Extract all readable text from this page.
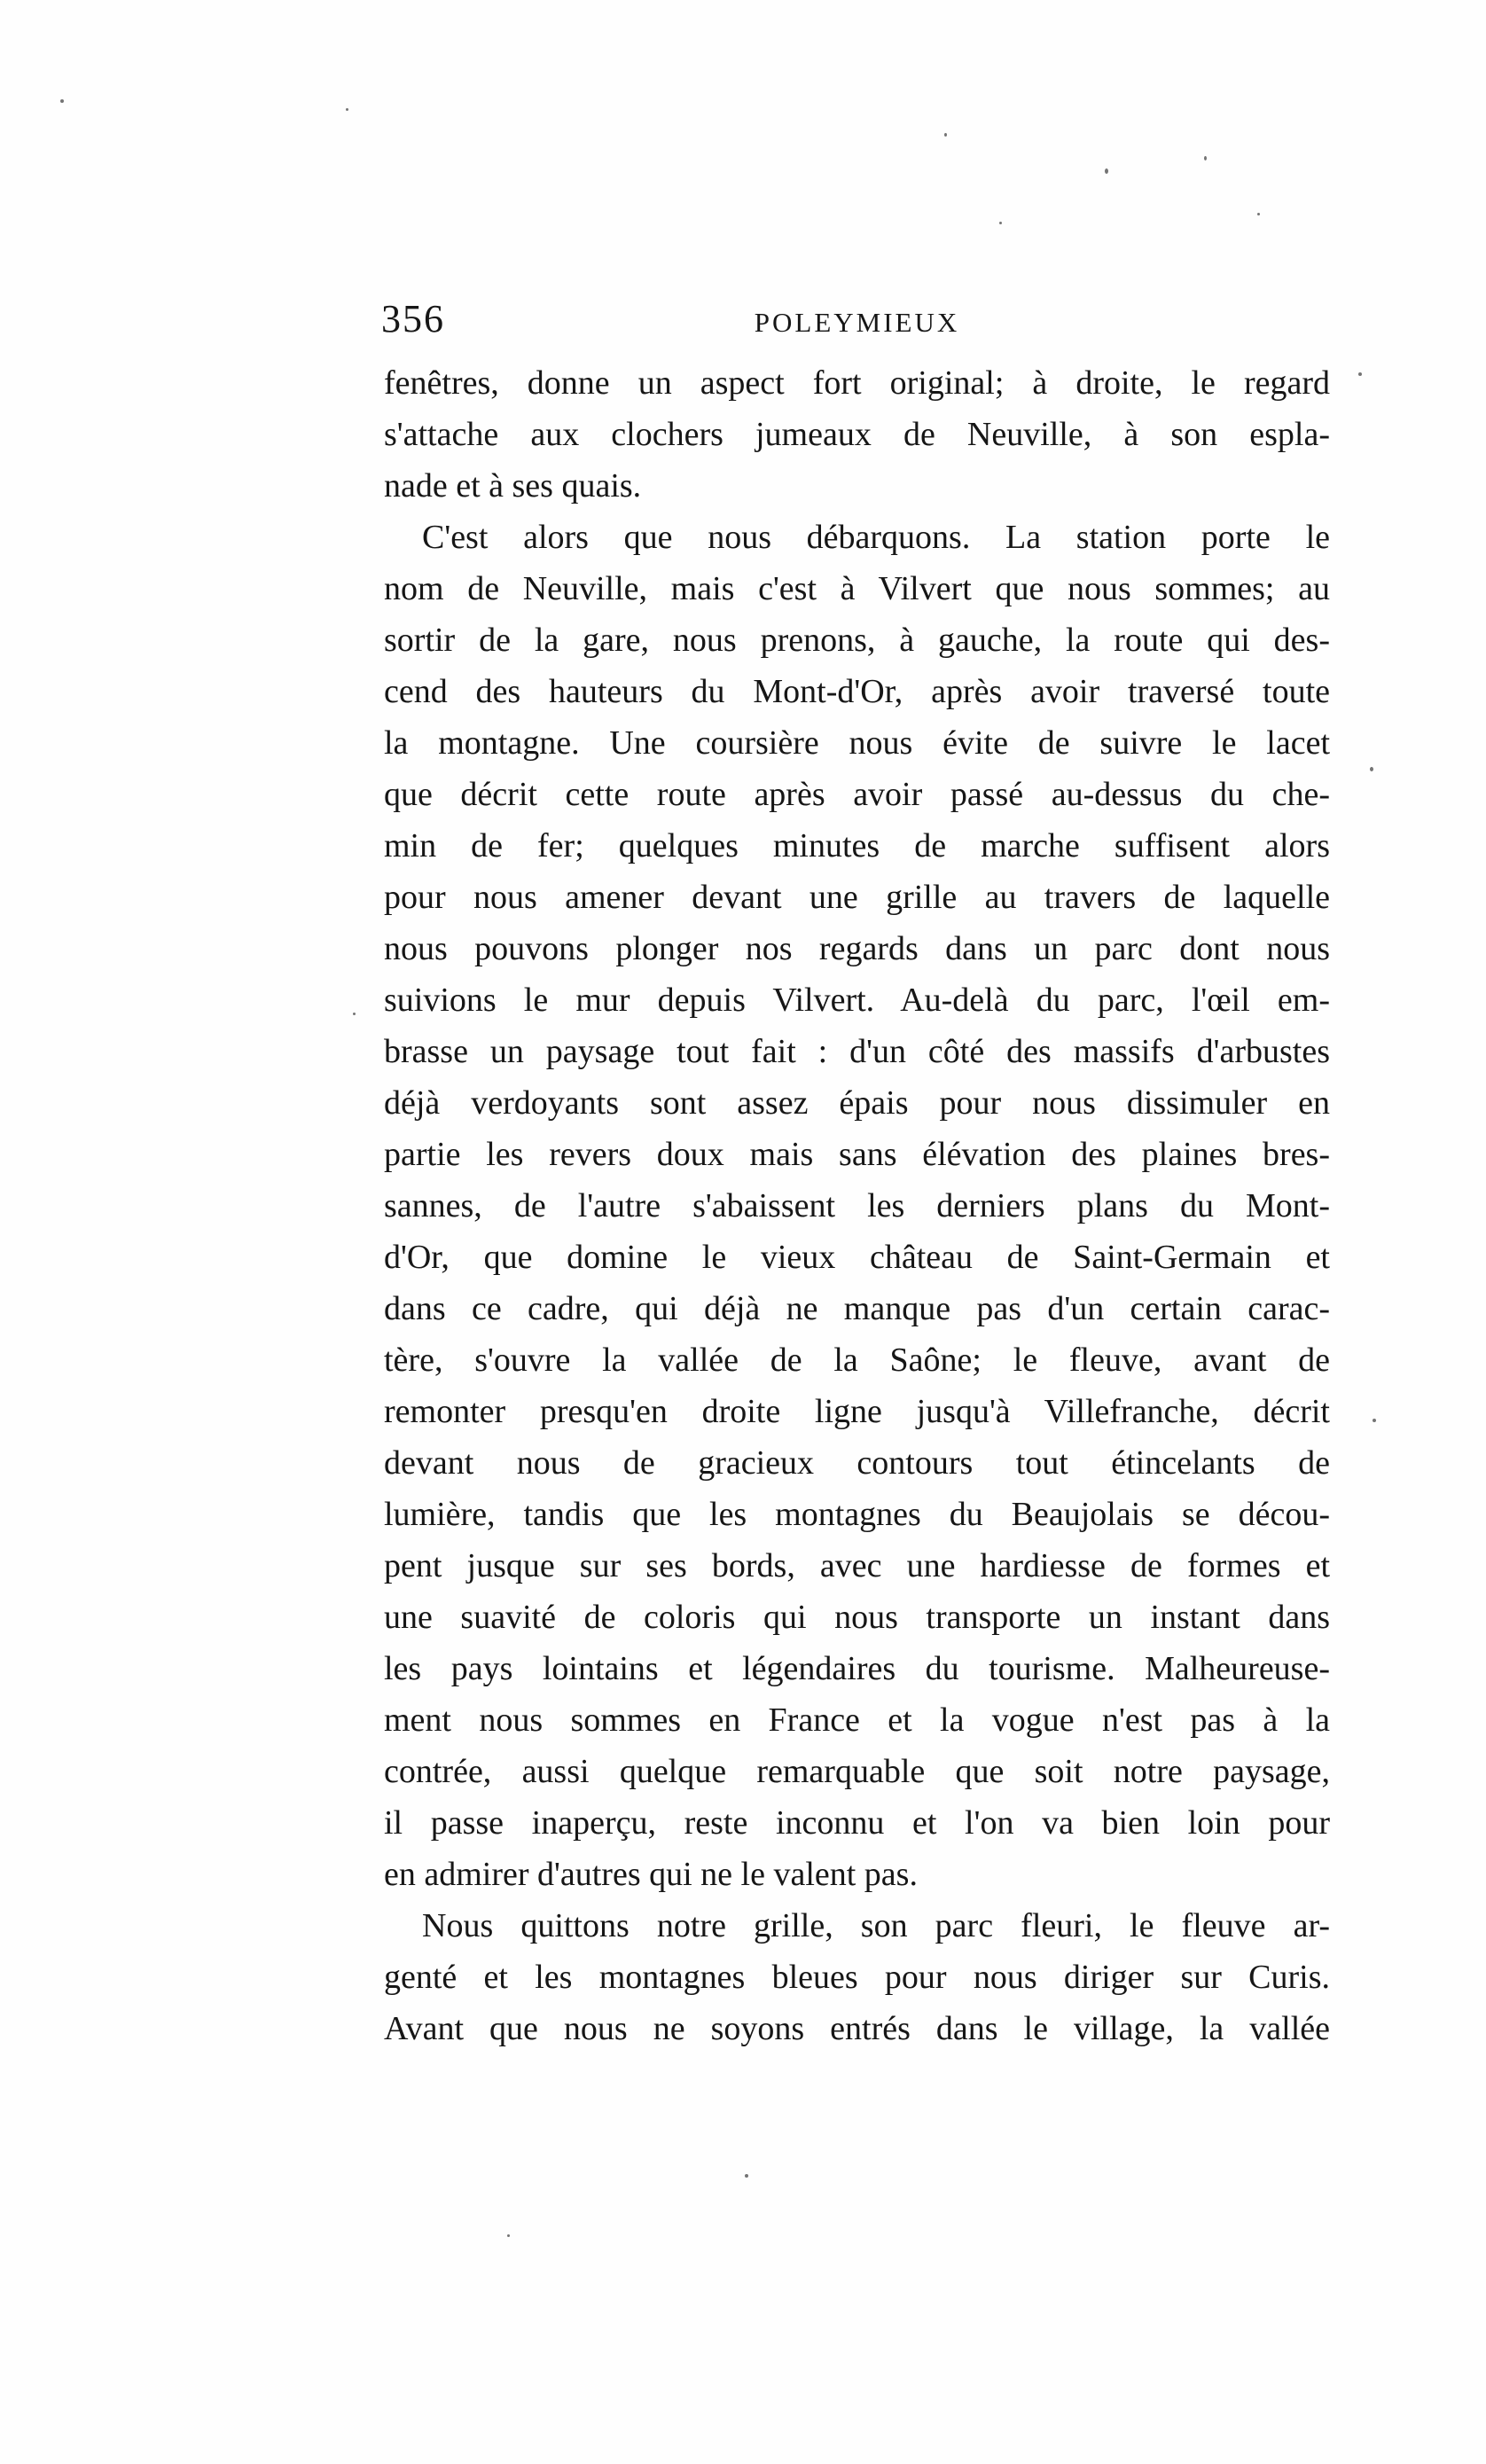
356	POLEYMIEUX
fenêtres, donne un aspect fort original; à droite, le regard
s'attache aux clochers jumeaux de Neuville, à son espla-
nade et à ses quais.
C'est alors que nous débarquons. La station porte le
nom de Neuville, mais c'est à Vilvert que nous sommes; au
sortir de la gare, nous prenons, à gauche, la route qui des-
cend des hauteurs du Mont-d'Or, après avoir traversé toute
la montagne. Une coursière nous évite de suivre le lacet
que décrit cette route après avoir passé au-dessus du che-
min de fer; quelques minutes de marche suffisent alors
pour nous amener devant une grille au travers de laquelle
nous pouvons plonger nos regards dans un parc dont nous
suivions le mur depuis Vilvert. Au-delà du parc, l'œil em-
brasse un paysage tout fait : d'un côté des massifs d'arbustes
déjà verdoyants sont assez épais pour nous dissimuler en
partie les revers doux mais sans élévation des plaines bres-
sannes, de l'autre s'abaissent les derniers plans du Mont-
d'Or, que domine le vieux château de Saint-Germain et
dans ce cadre, qui déjà ne manque pas d'un certain carac-
tère, s'ouvre la vallée de la Saône; le fleuve, avant de
remonter presqu'en droite ligne jusqu'à Villefranche, décrit
devant nous de gracieux contours tout étincelants de
lumière, tandis que les montagnes du Beaujolais se décou-
pent jusque sur ses bords, avec une hardiesse de formes et
une suavité de coloris qui nous transporte un instant dans
les pays lointains et légendaires du tourisme. Malheureuse-
ment nous sommes en France et la vogue n'est pas à la
contrée, aussi quelque remarquable que soit notre paysage,
il passe inaperçu, reste inconnu et l'on va bien loin pour
en admirer d'autres qui ne le valent pas.
Nous quittons notre grille, son parc fleuri, le fleuve ar-
genté et les montagnes bleues pour nous diriger sur Curis.
Avant que nous ne soyons entrés dans le village, la vallée
